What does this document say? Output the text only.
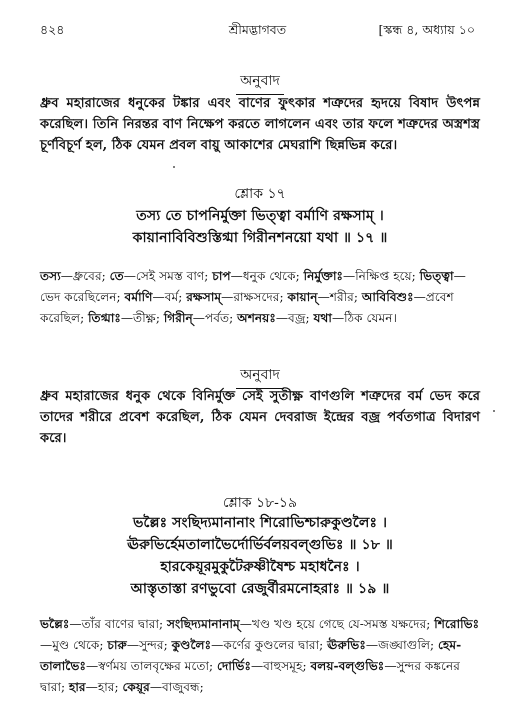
৪২৪	শ্রীমদ্ভাগবত	[স্কন্ধ ৪, অধ্যায় ১০
অনুবাদ
ধ্রুব মহারাজের ধনুকের টঙ্কার এবং বাণের ফুৎকার শত্রুদের হৃদয়ে বিষাদ উৎপন্ন করেছিল। তিনি নিরন্তর বাণ নিক্ষেপ করতে লাগলেন এবং তার ফলে শত্রুদের অস্ত্রশস্ত্র চূর্ণবিচূর্ণ হল, ঠিক যেমন প্রবল বায়ু আকাশের মেঘরাশি ছিন্নভিন্ন করে।
শ্লোক ১৭
তস্য তে চাপনির্মুক্তা ভিত্ত্বা বর্মাণি রক্ষসাম্ ।
কায়ানাবিবিশুস্তিগ্মা গিরীনশনয়ো যথা ॥ ১৭ ॥
তস্য—ধ্রুবের; তে—সেই সমস্ত বাণ; চাপ—ধনুক থেকে; নির্মুক্তাঃ—নিক্ষিপ্ত হয়ে; ভিত্ত্বা—ভেদ করেছিলেন; বর্মাণি—বর্ম; রক্ষসাম্—রাক্ষসদের; কায়ান্—শরীর; আবিবিশুঃ—প্রবেশ করেছিল; তিগ্মাঃ—তীক্ষ্ণ; গিরীন্—পর্বত; অশনয়ঃ—বজ্র; যথা—ঠিক যেমন।
অনুবাদ
ধ্রুব মহারাজের ধনুক থেকে বিনির্মুক্ত সেই সুতীক্ষ্ণ বাণগুলি শত্রুদের বর্ম ভেদ করে তাদের শরীরে প্রবেশ করেছিল, ঠিক যেমন দেবরাজ ইন্দ্রের বজ্র পর্বতগাত্র বিদারণ করে।
শ্লোক ১৮-১৯
ভল্লৈঃ সংছিদ্যমানানাং শিরোভিশ্চারুকুণ্ডলৈঃ ।
ঊরুভির্হেমতালাভৈর্দোর্ভির্বলয়বল্গুভিঃ ॥ ১৮ ॥
হারকেয়ূরমুকুটৈরুষ্ণীষৈশ্চ মহাধনৈঃ ।
আস্তৃতাস্তা রণভুবো রেজুর্বীরমনোহরাঃ ॥ ১৯ ॥
ভল্লৈঃ—তাঁর বাণের দ্বারা; সংছিদ্যমানানাম্—খণ্ড খণ্ড হয়ে গেছে যে-সমস্ত যক্ষদের; শিরোভিঃ—মুণ্ড থেকে; চারু—সুন্দর; কুণ্ডলৈঃ—কর্ণের কুণ্ডলের দ্বারা; ঊরুভিঃ—জঙ্ঘাগুলি; হেম-তালাভৈঃ—স্বর্ণময় তালবৃক্ষের মতো; দোর্ভিঃ—বাহুসমূহ; বলয়-বল্গুভিঃ—সুন্দর কঙ্কনের দ্বারা; হার—হার; কেয়ূর—বাজুবন্ধ;
